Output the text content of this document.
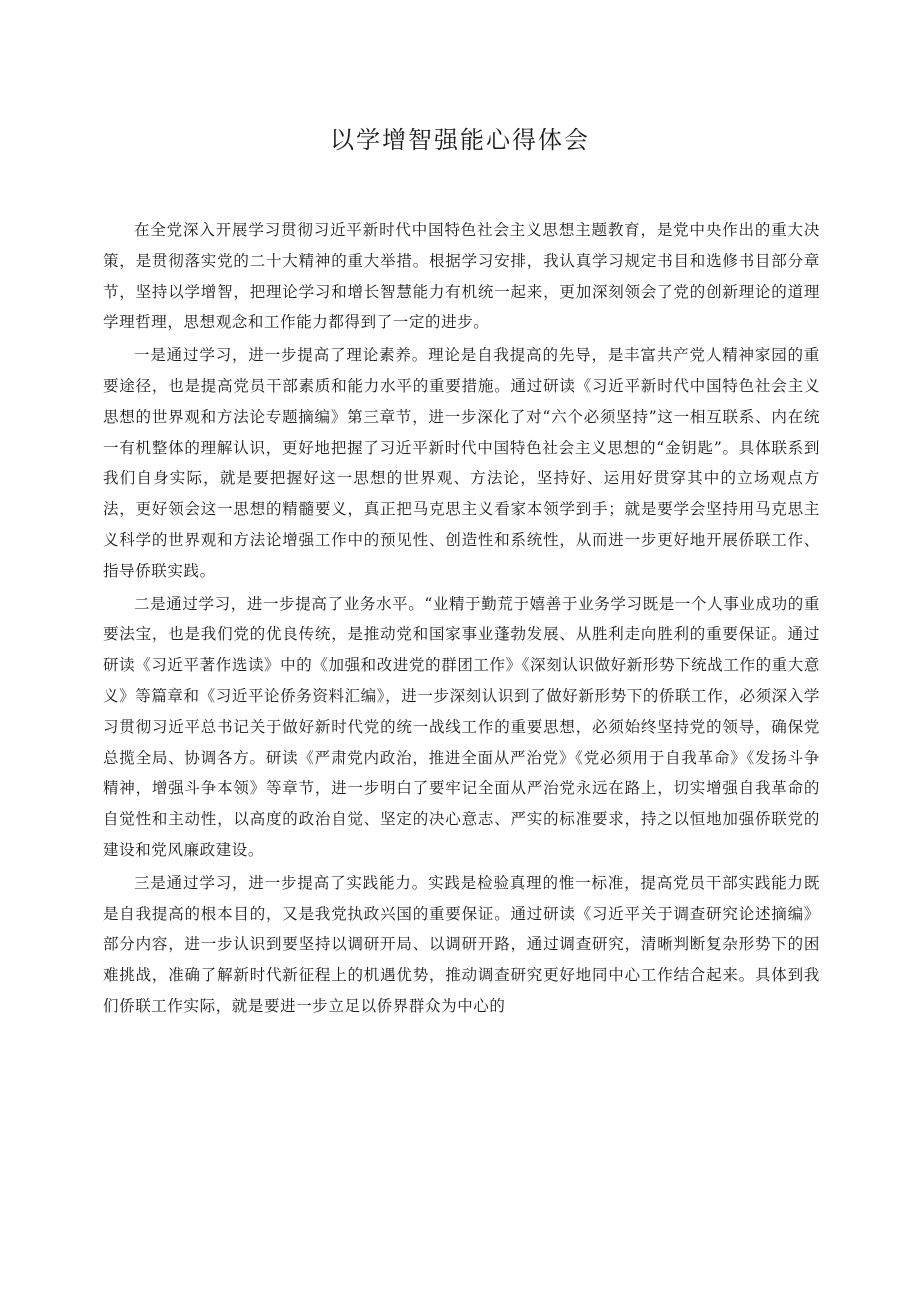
以学增智强能心得体会

在全党深入开展学习贯彻习近平新时代中国特色社会主义思想主题教育，是党中央作出的重大决策，是贯彻落实党的二十大精神的重大举措。根据学习安排，我认真学习规定书目和选修书目部分章节，坚持以学增智，把理论学习和增长智慧能力有机统一起来，更加深刻领会了党的创新理论的道理学理哲理，思想观念和工作能力都得到了一定的进步。

一是通过学习，进一步提高了理论素养。理论是自我提高的先导，是丰富共产党人精神家园的重要途径，也是提高党员干部素质和能力水平的重要措施。通过研读《习近平新时代中国特色社会主义思想的世界观和方法论专题摘编》第三章节，进一步深化了对“六个必须坚持”这一相互联系、内在统一有机整体的理解认识，更好地把握了习近平新时代中国特色社会主义思想的“金钥匙”。具体联系到我们自身实际，就是要把握好这一思想的世界观、方法论，坚持好、运用好贯穿其中的立场观点方法，更好领会这一思想的精髓要义，真正把马克思主义看家本领学到手；就是要学会坚持用马克思主义科学的世界观和方法论增强工作中的预见性、创造性和系统性，从而进一步更好地开展侨联工作、指导侨联实践。

二是通过学习，进一步提高了业务水平。“业精于勤荒于嬉善于业务学习既是一个人事业成功的重要法宝，也是我们党的优良传统，是推动党和国家事业蓬勃发展、从胜利走向胜利的重要保证。通过研读《习近平著作选读》中的《加强和改进党的群团工作》《深刻认识做好新形势下统战工作的重大意义》等篇章和《习近平论侨务资料汇编》，进一步深刻认识到了做好新形势下的侨联工作，必须深入学习贯彻习近平总书记关于做好新时代党的统一战线工作的重要思想，必须始终坚持党的领导，确保党总揽全局、协调各方。研读《严肃党内政治，推进全面从严治党》《党必须用于自我革命》《发扬斗争精神，增强斗争本领》等章节，进一步明白了要牢记全面从严治党永远在路上，切实增强自我革命的自觉性和主动性，以高度的政治自觉、坚定的决心意志、严实的标准要求，持之以恒地加强侨联党的建设和党风廉政建设。

三是通过学习，进一步提高了实践能力。实践是检验真理的惟一标准，提高党员干部实践能力既是自我提高的根本目的，又是我党执政兴国的重要保证。通过研读《习近平关于调查研究论述摘编》部分内容，进一步认识到要坚持以调研开局、以调研开路，通过调查研究，清晰判断复杂形势下的困难挑战，准确了解新时代新征程上的机遇优势，推动调查研究更好地同中心工作结合起来。具体到我们侨联工作实际，就是要进一步立足以侨界群众为中心的
